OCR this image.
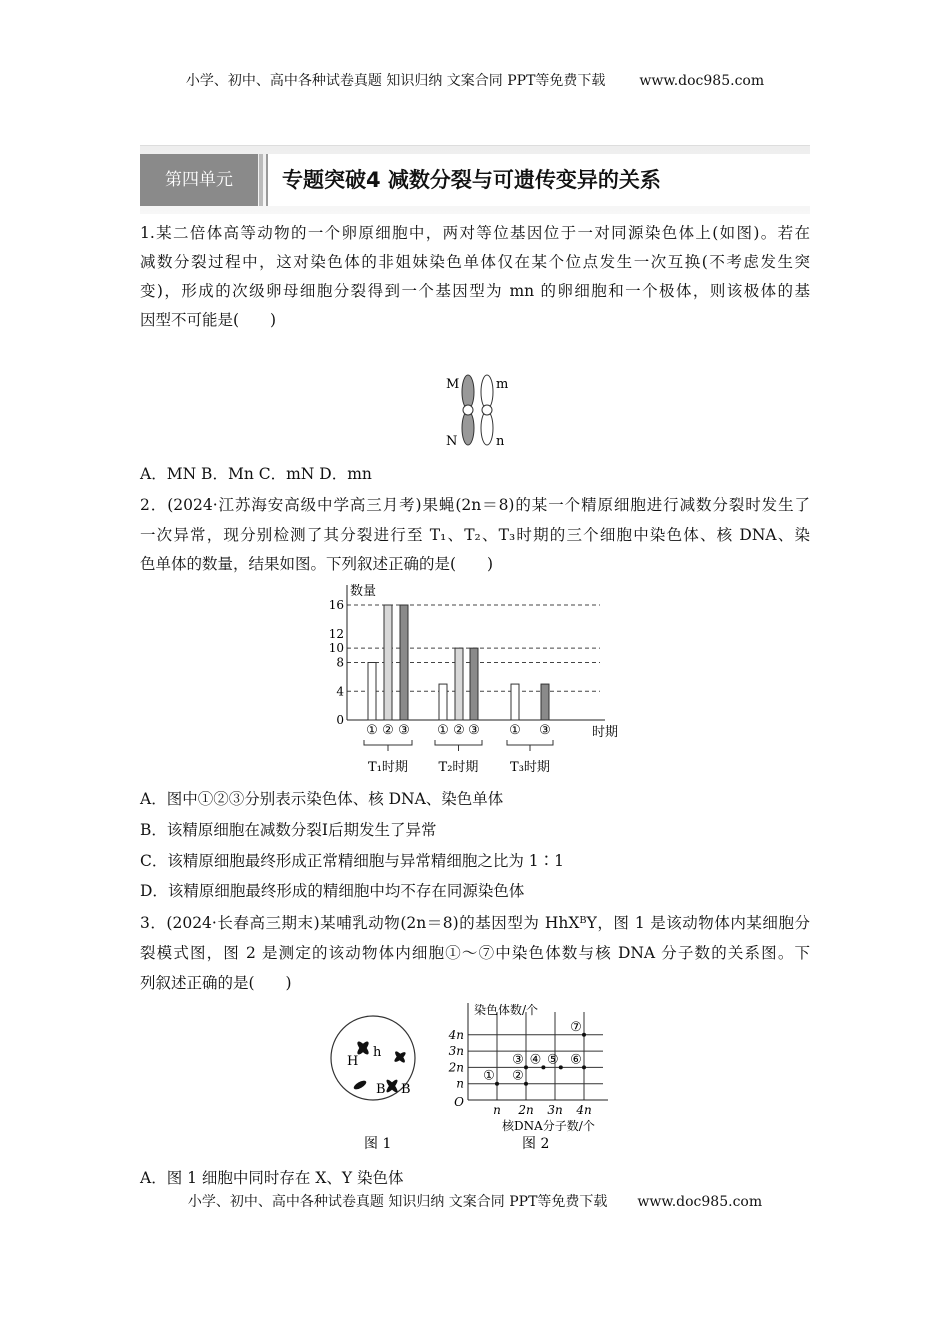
小学、初中、高中各种试卷真题 知识归纳 文案合同 PPT等免费下载 www.doc985.com
第四单元	专题突破4 减数分裂与可遗传变异的关系
1.某二倍体高等动物的一个卵原细胞中，两对等位基因位于一对同源染色体上(如图)。若在
减数分裂过程中，这对染色体的非姐妹染色单体仅在某个位点发生一次互换(不考虑发生突
变)，形成的次级卵母细胞分裂得到一个基因型为 mn 的卵细胞和一个极体，则该极体的基
因型不可能是(　　)
M
N
m
n
A．MN B．Mn C．mN D．mn
2．(2024·江苏海安高级中学高三月考)果蝇(2n＝8)的某一个精原细胞进行减数分裂时发生了
一次异常，现分别检测了其分裂进行至 T₁、T₂、T₃时期的三个细胞中染色体、核 DNA、染
色单体的数量，结果如图。下列叙述正确的是(　　)
数量
时期
0
4
8
10
12
16
① ② ③
T₁时期
① ② ③
T₂时期
① ③
T₃时期
A．图中①②③分别表示染色体、核 DNA、染色单体
B．该精原细胞在减数分裂Ⅰ后期发生了异常
C．该精原细胞最终形成正常精细胞与异常精细胞之比为 1∶1
D．该精原细胞最终形成的精细胞中均不存在同源染色体
3．(2024·长春高三期末)某哺乳动物(2n＝8)的基因型为 HhXᴮY，图 1 是该动物体内某细胞分
裂模式图，图 2 是测定的该动物体内细胞①～⑦中染色体数与核 DNA 分子数的关系图。下
列叙述正确的是(　　)
H
h
B B
图 1
n
n
2n
2n
3n
3n
4n
4n
O
染色体数/个
核DNA分子数/个
图 2
① ②
③ ④ ⑤ ⑥
⑦
A．图 1 细胞中同时存在 X、Y 染色体
小学、初中、高中各种试卷真题 知识归纳 文案合同 PPT等免费下载 www.doc985.com
